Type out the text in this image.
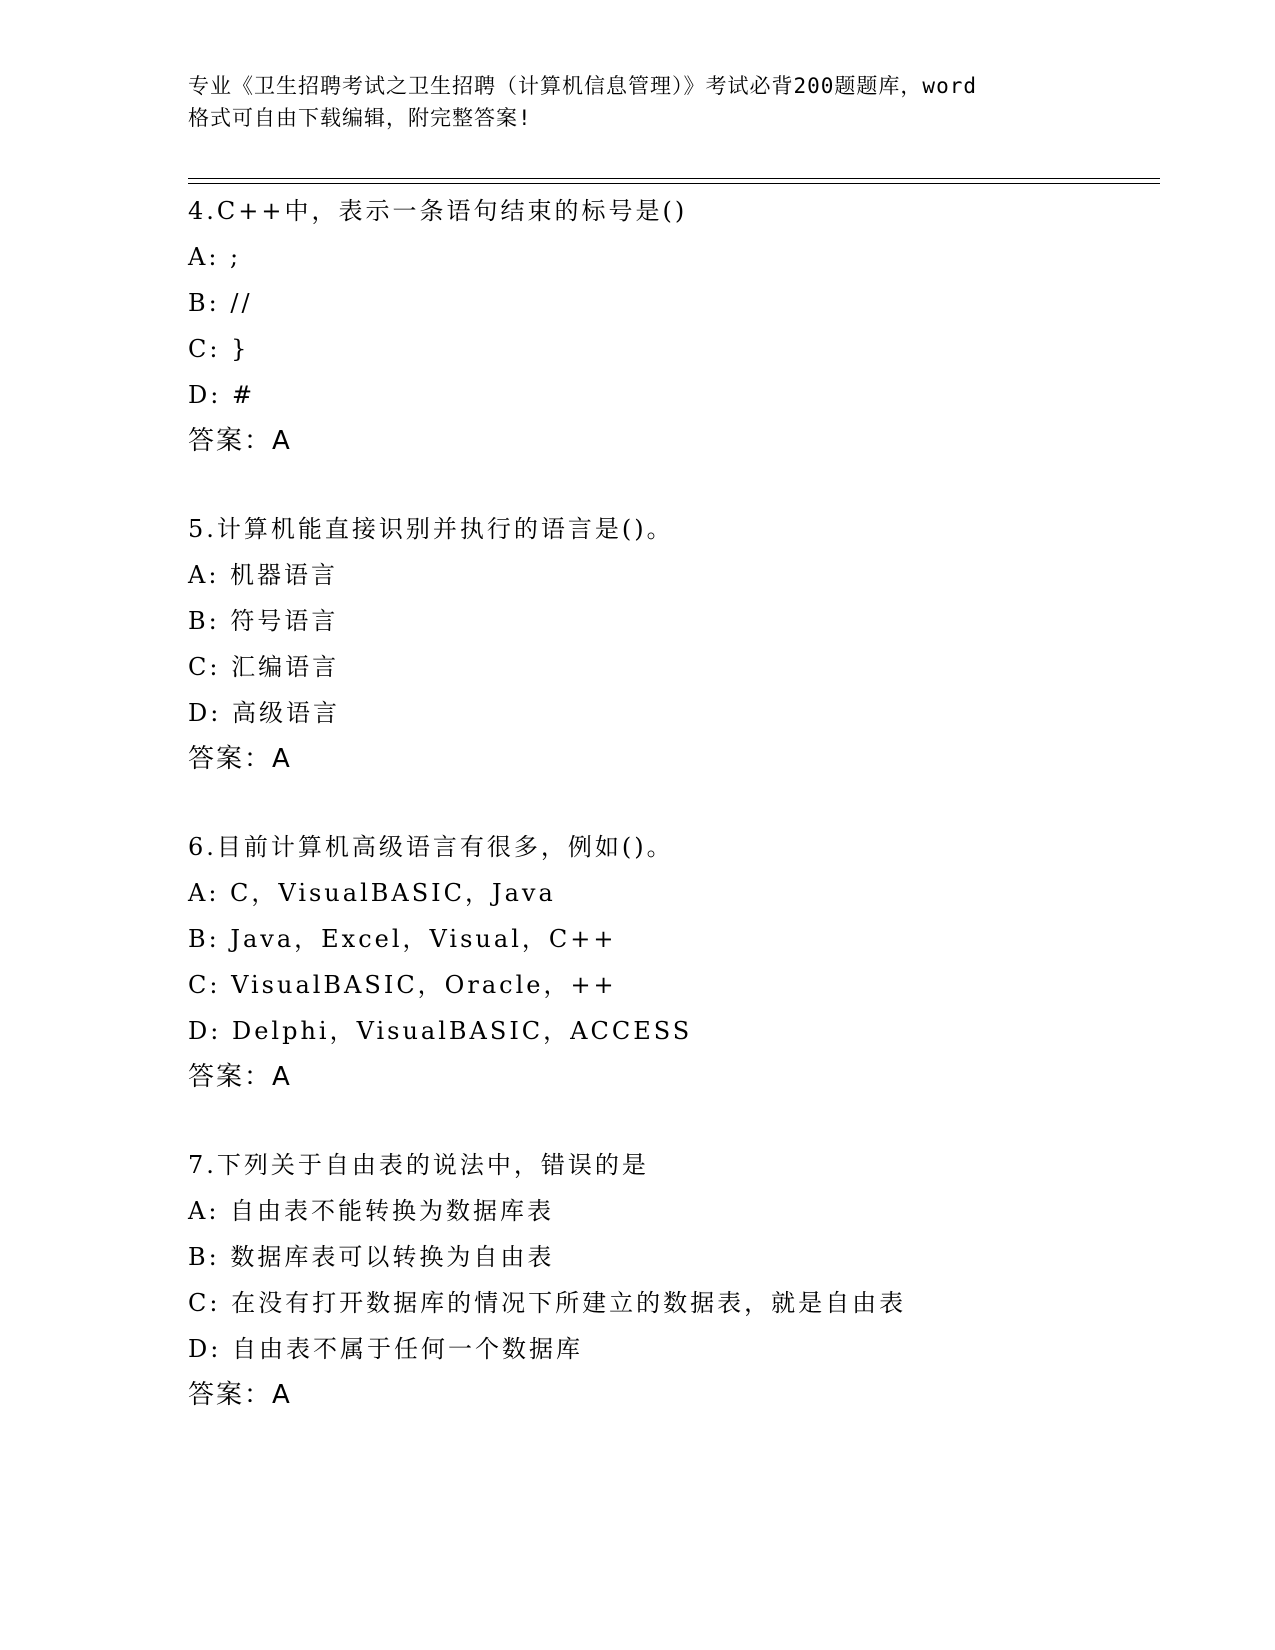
专业《卫生招聘考试之卫生招聘（计算机信息管理）》考试必背200题题库，word
格式可自由下载编辑，附完整答案!
4.C++中，表示一条语句结束的标号是()
A: ;
B: //
C: }
D: #
答案：A
5.计算机能直接识别并执行的语言是()。
A: 机器语言
B: 符号语言
C: 汇编语言
D: 高级语言
答案：A
6.目前计算机高级语言有很多，例如()。
A: C，VisualBASIC，Java
B: Java，Excel，Visual，C++
C: VisualBASIC，Oracle，++
D: Delphi，VisualBASIC，ACCESS
答案：A
7.下列关于自由表的说法中，错误的是
A: 自由表不能转换为数据库表
B: 数据库表可以转换为自由表
C: 在没有打开数据库的情况下所建立的数据表，就是自由表
D: 自由表不属于任何一个数据库
答案：A
